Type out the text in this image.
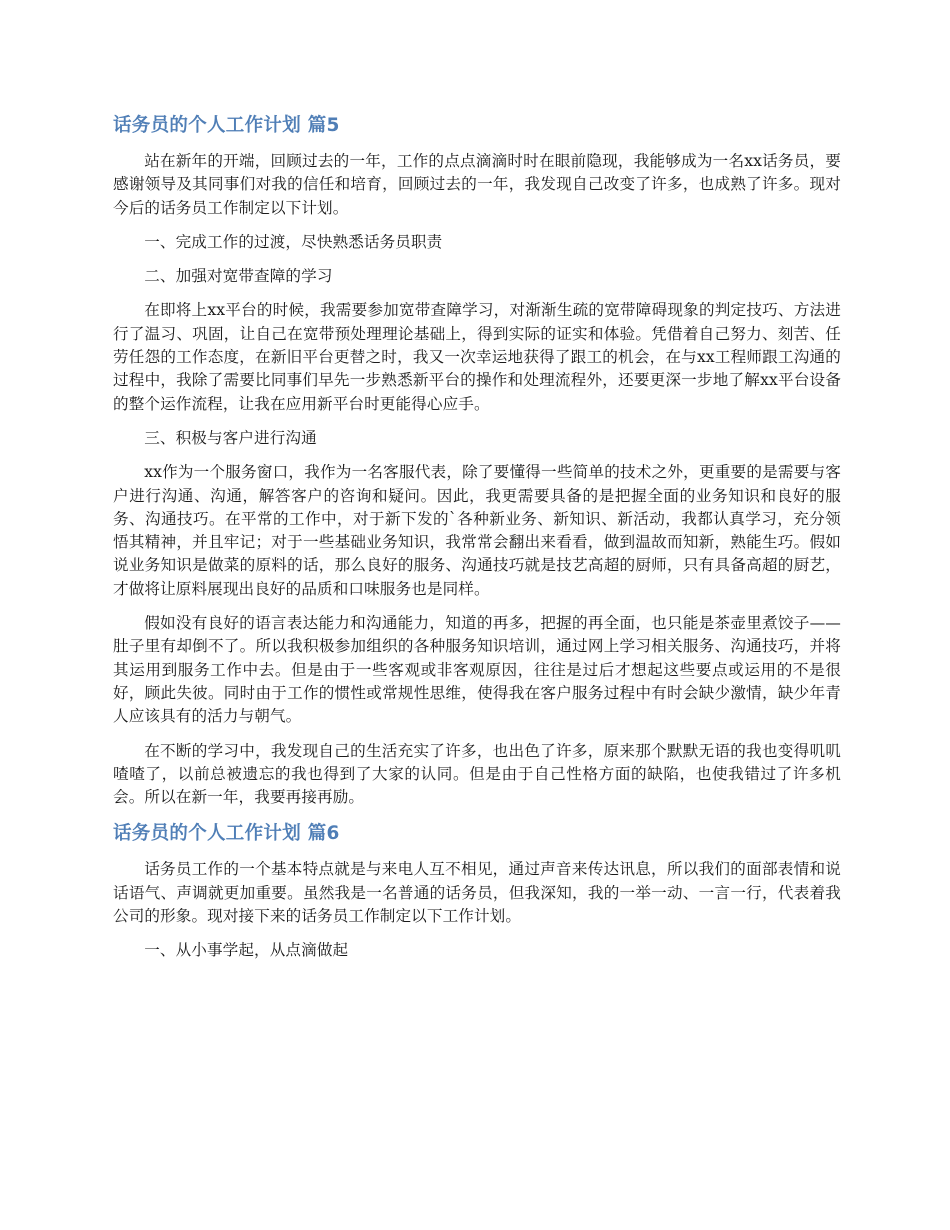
话务员的个人工作计划 篇5

站在新年的开端，回顾过去的一年，工作的点点滴滴时时在眼前隐现，我能够成为一名xx话务员，要感谢领导及其同事们对我的信任和培育，回顾过去的一年，我发现自己改变了许多，也成熟了许多。现对今后的话务员工作制定以下计划。

一、完成工作的过渡，尽快熟悉话务员职责

二、加强对宽带查障的学习

在即将上xx平台的时候，我需要参加宽带查障学习，对渐渐生疏的宽带障碍现象的判定技巧、方法进行了温习、巩固，让自己在宽带预处理理论基础上，得到实际的证实和体验。凭借着自己努力、刻苦、任劳任怨的工作态度，在新旧平台更替之时，我又一次幸运地获得了跟工的机会，在与xx工程师跟工沟通的过程中，我除了需要比同事们早先一步熟悉新平台的操作和处理流程外，还要更深一步地了解xx平台设备的整个运作流程，让我在应用新平台时更能得心应手。

三、积极与客户进行沟通

xx作为一个服务窗口，我作为一名客服代表，除了要懂得一些简单的技术之外，更重要的是需要与客户进行沟通、沟通，解答客户的咨询和疑问。因此，我更需要具备的是把握全面的业务知识和良好的服务、沟通技巧。在平常的工作中，对于新下发的`各种新业务、新知识、新活动，我都认真学习，充分领悟其精神，并且牢记；对于一些基础业务知识，我常常会翻出来看看，做到温故而知新，熟能生巧。假如说业务知识是做菜的原料的话，那么良好的服务、沟通技巧就是技艺高超的厨师，只有具备高超的厨艺，才做将让原料展现出良好的品质和口味服务也是同样。

假如没有良好的语言表达能力和沟通能力，知道的再多，把握的再全面，也只能是茶壶里煮饺子——肚子里有却倒不了。所以我积极参加组织的各种服务知识培训，通过网上学习相关服务、沟通技巧，并将其运用到服务工作中去。但是由于一些客观或非客观原因，往往是过后才想起这些要点或运用的不是很好，顾此失彼。同时由于工作的惯性或常规性思维，使得我在客户服务过程中有时会缺少激情，缺少年青人应该具有的活力与朝气。

在不断的学习中，我发现自己的生活充实了许多，也出色了许多，原来那个默默无语的我也变得叽叽喳喳了，以前总被遗忘的我也得到了大家的认同。但是由于自己性格方面的缺陷，也使我错过了许多机会。所以在新一年，我要再接再励。

话务员的个人工作计划 篇6

话务员工作的一个基本特点就是与来电人互不相见，通过声音来传达讯息，所以我们的面部表情和说话语气、声调就更加重要。虽然我是一名普通的话务员，但我深知，我的一举一动、一言一行，代表着我公司的形象。现对接下来的话务员工作制定以下工作计划。

一、从小事学起，从点滴做起
